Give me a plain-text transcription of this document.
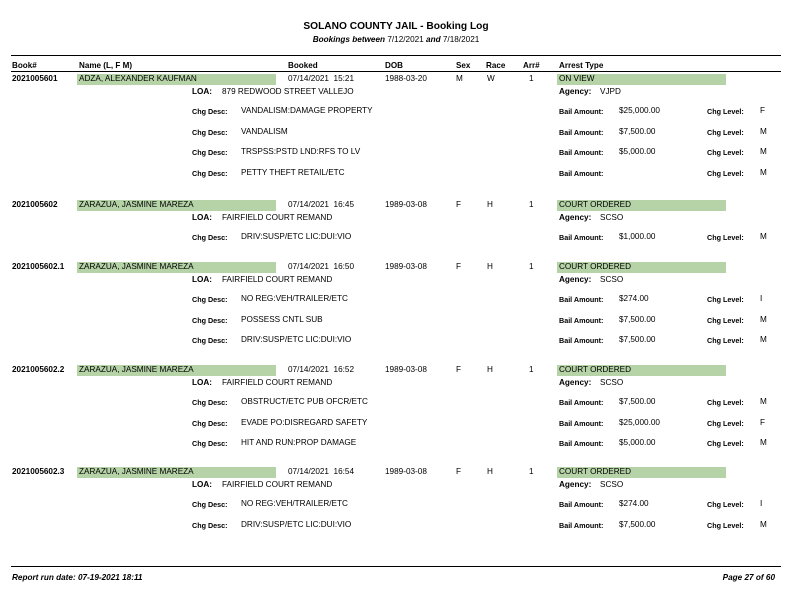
SOLANO COUNTY JAIL - Booking Log
Bookings between 7/12/2021 and 7/18/2021
Book#	Name (L, F M)	Booked	DOB	Sex Race Arr# Arrest Type
2021005601	ADZA, ALEXANDER KAUFMAN	07/14/2021  15:21	1988-03-20	M	W	1	ON VIEW
LOA: 879 REDWOOD STREET VALLEJO	Agency: VJPD
Chg Desc: VANDALISM:DAMAGE PROPERTY	Bail Amount: $25,000.00	Chg Level: F
Chg Desc: VANDALISM	Bail Amount: $7,500.00	Chg Level: M
Chg Desc: TRSPSS:PSTD LND:RFS TO LV	Bail Amount: $5,000.00	Chg Level: M
Chg Desc: PETTY THEFT RETAIL/ETC	Bail Amount:	Chg Level: M
2021005602	ZARAZUA, JASMINE MAREZA	07/14/2021  16:45	1989-03-08	F	H	1	COURT ORDERED
LOA: FAIRFIELD COURT REMAND	Agency: SCSO
Chg Desc: DRIV:SUSP/ETC LIC:DUI:VIO	Bail Amount: $1,000.00	Chg Level: M
2021005602.1 ZARAZUA, JASMINE MAREZA	07/14/2021  16:50	1989-03-08	F	H	1	COURT ORDERED
LOA: FAIRFIELD COURT REMAND	Agency: SCSO
Chg Desc: NO REG:VEH/TRAILER/ETC	Bail Amount: $274.00	Chg Level: I
Chg Desc: POSSESS CNTL SUB	Bail Amount: $7,500.00	Chg Level: M
Chg Desc: DRIV:SUSP/ETC LIC:DUI:VIO	Bail Amount: $7,500.00	Chg Level: M
2021005602.2 ZARAZUA, JASMINE MAREZA	07/14/2021  16:52	1989-03-08	F	H	1	COURT ORDERED
LOA: FAIRFIELD COURT REMAND	Agency: SCSO
Chg Desc: OBSTRUCT/ETC PUB OFCR/ETC	Bail Amount: $7,500.00	Chg Level: M
Chg Desc: EVADE PO:DISREGARD SAFETY	Bail Amount: $25,000.00	Chg Level: F
Chg Desc: HIT AND RUN:PROP DAMAGE	Bail Amount: $5,000.00	Chg Level: M
2021005602.3 ZARAZUA, JASMINE MAREZA	07/14/2021  16:54	1989-03-08	F	H	1	COURT ORDERED
LOA: FAIRFIELD COURT REMAND	Agency: SCSO
Chg Desc: NO REG:VEH/TRAILER/ETC	Bail Amount: $274.00	Chg Level: I
Chg Desc: DRIV:SUSP/ETC LIC:DUI:VIO	Bail Amount: $7,500.00	Chg Level: M
Report run date: 07-19-2021 18:11	Page 27 of 60
